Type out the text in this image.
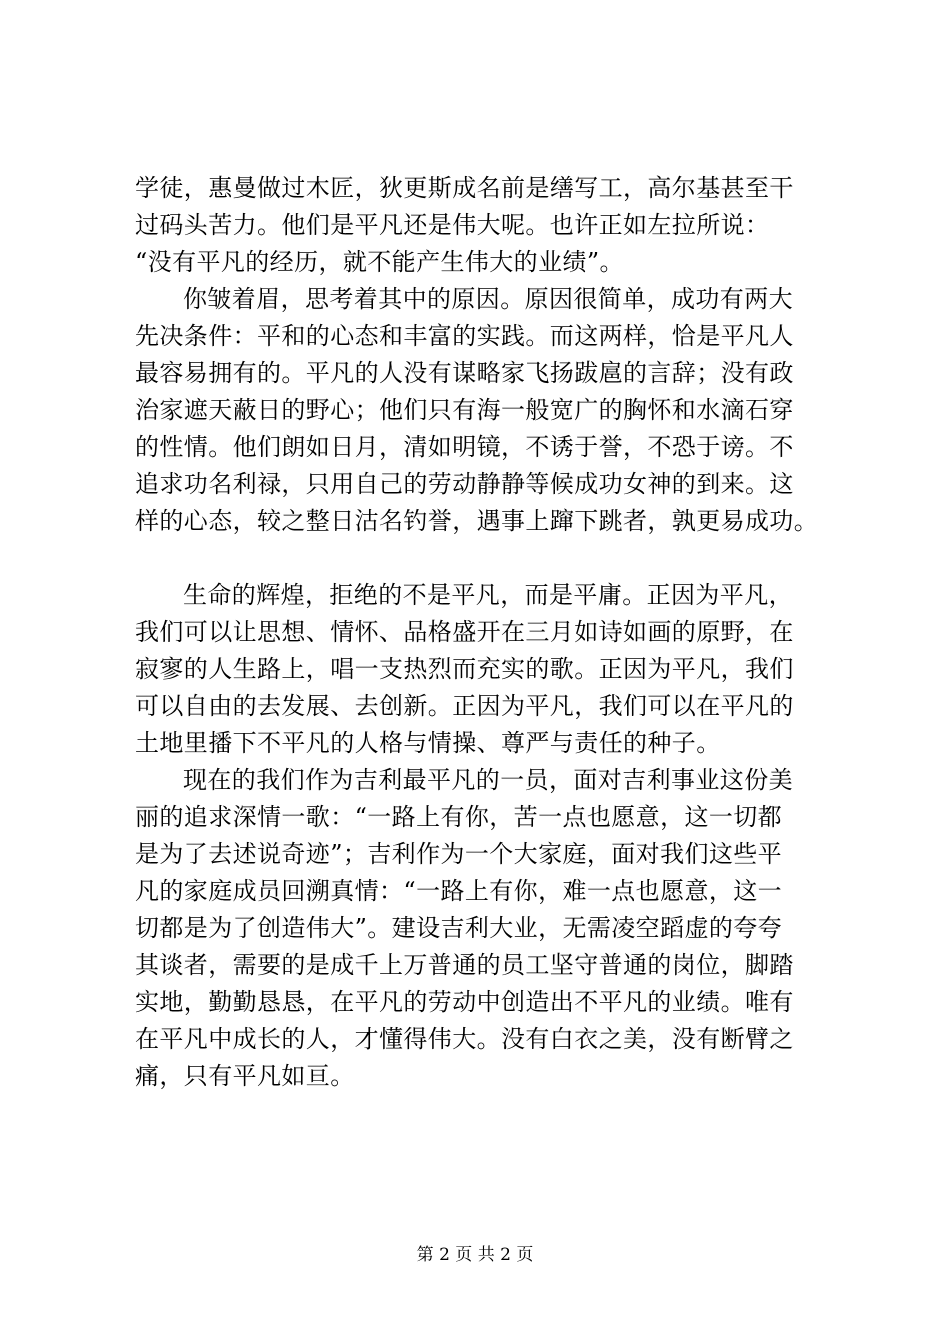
学徒，惠曼做过木匠，狄更斯成名前是缮写工，高尔基甚至干
过码头苦力。他们是平凡还是伟大呢。也许正如左拉所说：
“没有平凡的经历，就不能产生伟大的业绩”。
你皱着眉，思考着其中的原因。原因很简单，成功有两大
先决条件：平和的心态和丰富的实践。而这两样，恰是平凡人
最容易拥有的。平凡的人没有谋略家飞扬跋扈的言辞；没有政
治家遮天蔽日的野心；他们只有海一般宽广的胸怀和水滴石穿
的性情。他们朗如日月，清如明镜，不诱于誉，不恐于谤。不
追求功名利禄，只用自己的劳动静静等候成功女神的到来。这
样的心态，较之整日沽名钓誉，遇事上蹿下跳者，孰更易成功。
生命的辉煌，拒绝的不是平凡，而是平庸。正因为平凡，
我们可以让思想、情怀、品格盛开在三月如诗如画的原野，在
寂寥的人生路上，唱一支热烈而充实的歌。正因为平凡，我们
可以自由的去发展、去创新。正因为平凡，我们可以在平凡的
土地里播下不平凡的人格与情操、尊严与责任的种子。
现在的我们作为吉利最平凡的一员，面对吉利事业这份美
丽的追求深情一歌：“一路上有你，苦一点也愿意，这一切都
是为了去述说奇迹”；吉利作为一个大家庭，面对我们这些平
凡的家庭成员回溯真情：“一路上有你，难一点也愿意，这一
切都是为了创造伟大”。建设吉利大业，无需凌空蹈虚的夸夸
其谈者，需要的是成千上万普通的员工坚守普通的岗位，脚踏
实地，勤勤恳恳，在平凡的劳动中创造出不平凡的业绩。唯有
在平凡中成长的人，才懂得伟大。没有白衣之美，没有断臂之
痛，只有平凡如亘。
第 2 页 共 2 页
